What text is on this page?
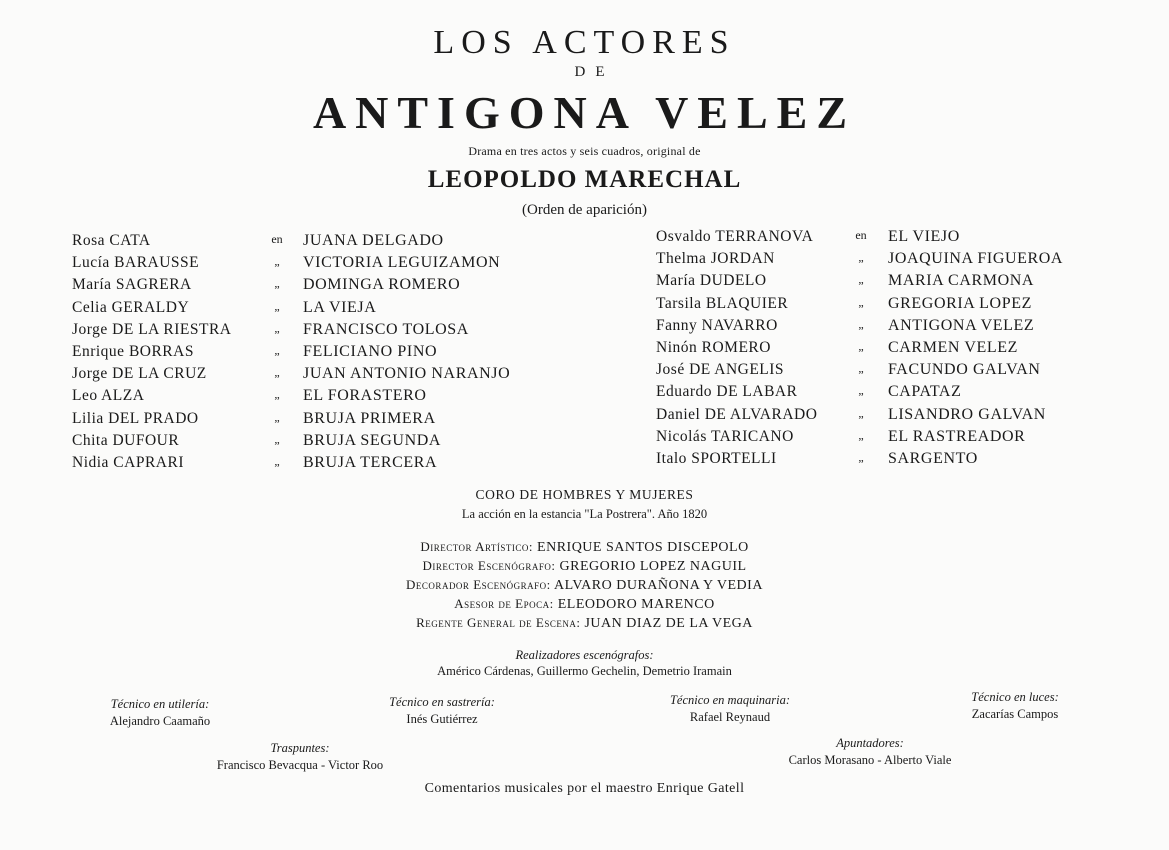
LOS ACTORES
DE
ANTIGONA VELEZ
Drama en tres actos y seis cuadros, original de
LEOPOLDO MARECHAL
(Orden de aparición)
Rosa CATA	en JUANA DELGADO
Lucía BARAUSSE	„	VICTORIA LEGUIZAMON
María SAGRERA	„	DOMINGA ROMERO
Celia GERALDY	„	LA VIEJA
Jorge DE LA RIESTRA	„	FRANCISCO TOLOSA
Enrique BORRAS	„	FELICIANO PINO
Jorge DE LA CRUZ	„	JUAN ANTONIO NARANJO
Leo ALZA	„	EL FORASTERO
Lilia DEL PRADO	„	BRUJA PRIMERA
Chita DUFOUR	„	BRUJA SEGUNDA
Nidia CAPRARI	„	BRUJA TERCERA
Osvaldo TERRANOVA	en EL VIEJO
Thelma JORDAN	„	JOAQUINA FIGUEROA
María DUDELO	„	MARIA CARMONA
Tarsila BLAQUIER	„	GREGORIA LOPEZ
Fanny NAVARRO	„	ANTIGONA VELEZ
Ninón ROMERO	„	CARMEN VELEZ
José DE ANGELIS	„	FACUNDO GALVAN
Eduardo DE LABAR	„	CAPATAZ
Daniel DE ALVARADO	„	LISANDRO GALVAN
Nicolás TARICANO	„	EL RASTREADOR
Italo SPORTELLI	„	SARGENTO
CORO DE HOMBRES Y MUJERES
La acción en la estancia "La Postrera". Año 1820
Director Artístico: ENRIQUE SANTOS DISCEPOLO
Director Escenógrafo: GREGORIO LOPEZ NAGUIL
Decorador Escenógrafo: ALVARO DURAÑONA Y VEDIA
Asesor de Epoca: ELEODORO MARENCO
Regente General de Escena: JUAN DIAZ DE LA VEGA
Realizadores escenógrafos:
Américo Cárdenas, Guillermo Gechelin, Demetrio Iramain
Técnico en utilería:
Alejandro Caamaño
Técnico en sastrería:
Inés Gutiérrez
Técnico en maquinaria:
Rafael Reynaud
Técnico en luces:
Zacarías Campos
Traspuntes:
Francisco Bevacqua - Victor Roo
Apuntadores:
Carlos Morasano - Alberto Viale
Comentarios musicales por el maestro Enrique Gatell
